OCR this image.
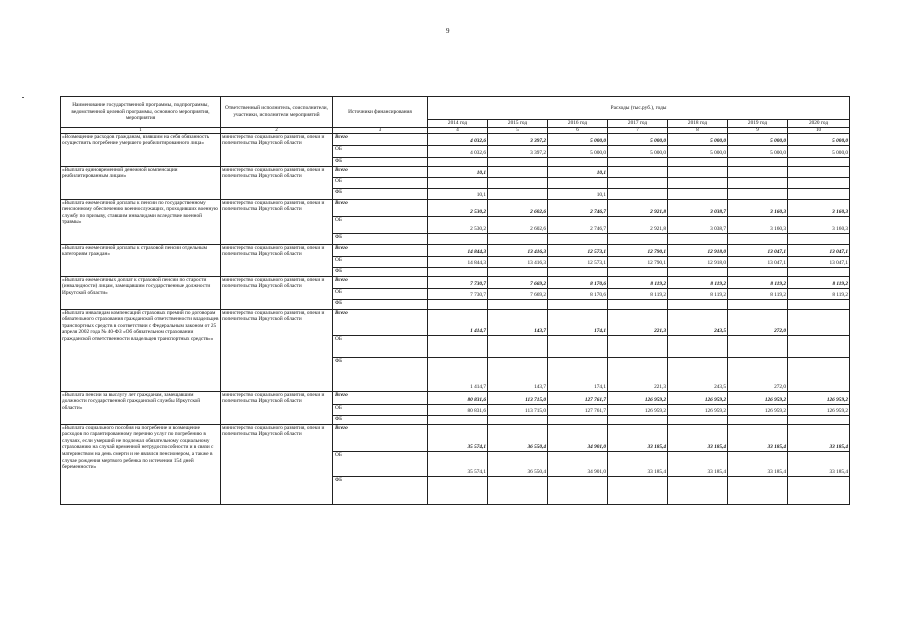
9
Наименование государственной программы, подпрограммы, ведомственной целевой программы, основного мероприятия, мероприятия	Ответственный исполнитель, соисполнители, участники, исполнители мероприятий	Источники финансирования	Расходы (тыс.руб.), годы						
			2014 год	2015 год	2016 год	2017 год	2018 год	2019 год	2020 год
1	2	3	4	5	6	7	8	9	10
«Возмещение расходов гражданам, взявшим на себя обязанность осуществить погребение умершего реабилитированного лица»	министерство социального развития, опеки и попечительства Иркутской области	Всего	4 032,6	3 397,2	5 000,0	5 000,0	5 000,0	5 000,0	5 000,0
		ОБ	4 032,6	3 397,2	5 000,0	5 000,0	5 000,0	5 000,0	5 000,0
		ФБ							
«Выплата единовременной денежной компенсации реабилитированным лицам»	министерство социального развития, опеки и попечительства Иркутской области	Всего	10,1		10,1				
		ОБ							
		ФБ	10,1		10,1				
«Выплата ежемесячной доплаты к пенсии по государственному пенсионному обеспечению военнослужащих, проходивших военную службу по призыву, ставшим инвалидами вследствие военной травмы»	министерство социального развития, опеки и попечительства Иркутской области	Всего	2 530,2	2 602,6	2 746,7	2 921,8	3 038,7	3 160,3	3 160,3
		ОБ	2 530,2	2 602,6	2 746,7	2 921,8	3 038,7	3 160,3	3 160,3
		ФБ							
«Выплата ежемесячной доплаты к страховой пенсии отдельным категориям граждан»	министерство социального развития, опеки и попечительства Иркутской области	Всего	14 844,3	13 416,3	12 573,1	12 790,1	12 918,0	13 047,1	13 047,1
		ОБ	14 844,3	13 416,3	12 573,1	12 790,1	12 918,0	13 047,1	13 047,1
		ФБ							
«Выплата ежемесячных доплат к страховой пенсии по старости (инвалидности) лицам, замещавшим государственные должности Иркутской области»	министерство социального развития, опеки и попечительства Иркутской области	Всего	7 730,7	7 669,2	8 170,6	8 119,2	8 119,2	8 119,2	8 119,2
		ОБ	7 730,7	7 669,2	8 170,6	8 119,2	8 119,2	8 119,2	8 119,2
		ФБ							
«Выплата инвалидам компенсаций страховых премий по договорам обязательного страхования гражданской ответственности владельцев транспортных средств в соответствии с Федеральным законом от 25 апреля 2002 года № 40-ФЗ «Об обязательном страховании гражданской ответственности владельцев транспортных средств»»	министерство социального развития, опеки и попечительства Иркутской области	Всего	1 414,7	143,7	174,1	221,3	243,5	272,0	
		ОБ							
		ФБ	1 414,7	143,7	174,1	221,3	243,5	272,0	
«Выплата пенсии за выслугу лет гражданам, замещавшим должности государственной гражданской службы Иркутской области»	министерство социального развития, опеки и попечительства Иркутской области	Всего	80 831,6	113 715,0	127 761,7	126 959,2	126 959,2	126 959,2	126 959,2
		ОБ	80 831,6	113 715,0	127 761,7	126 959,2	126 959,2	126 959,2	126 959,2
		ФБ							
«Выплата социального пособия на погребение и возмещение расходов по гарантированному перечню услуг по погребению в случаях, если умерший не подлежал обязательному социальному страхованию на случай временной нетрудоспособности и в связи с материнством на день смерти и не являлся пенсионером, а также в случае рождения мертвого ребенка по истечении 154 дней беременности»	министерство социального развития, опеки и попечительства Иркутской области	Всего	35 574,1	36 550,4	34 901,0	33 185,4	33 185,4	33 185,4	33 185,4
		ОБ	35 574,1	36 550,4	34 901,0	33 185,4	33 185,4	33 185,4	33 185,4
		ФБ							
